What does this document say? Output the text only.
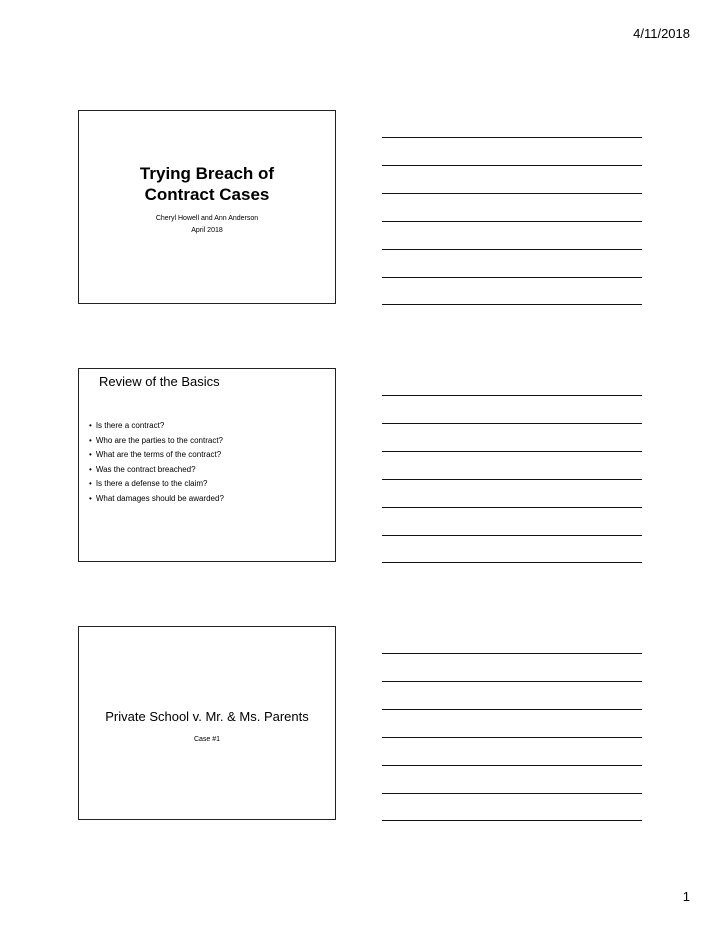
4/11/2018
Trying Breach of
Contract Cases
Cheryl Howell and Ann Anderson
April 2018
Review of the Basics
• Is there a contract?
• Who are the parties to the contract?
• What are the terms of the contract?
• Was the contract breached?
• Is there a defense to the claim?
• What damages should be awarded?
Private School v. Mr. & Ms. Parents
Case #1
1
